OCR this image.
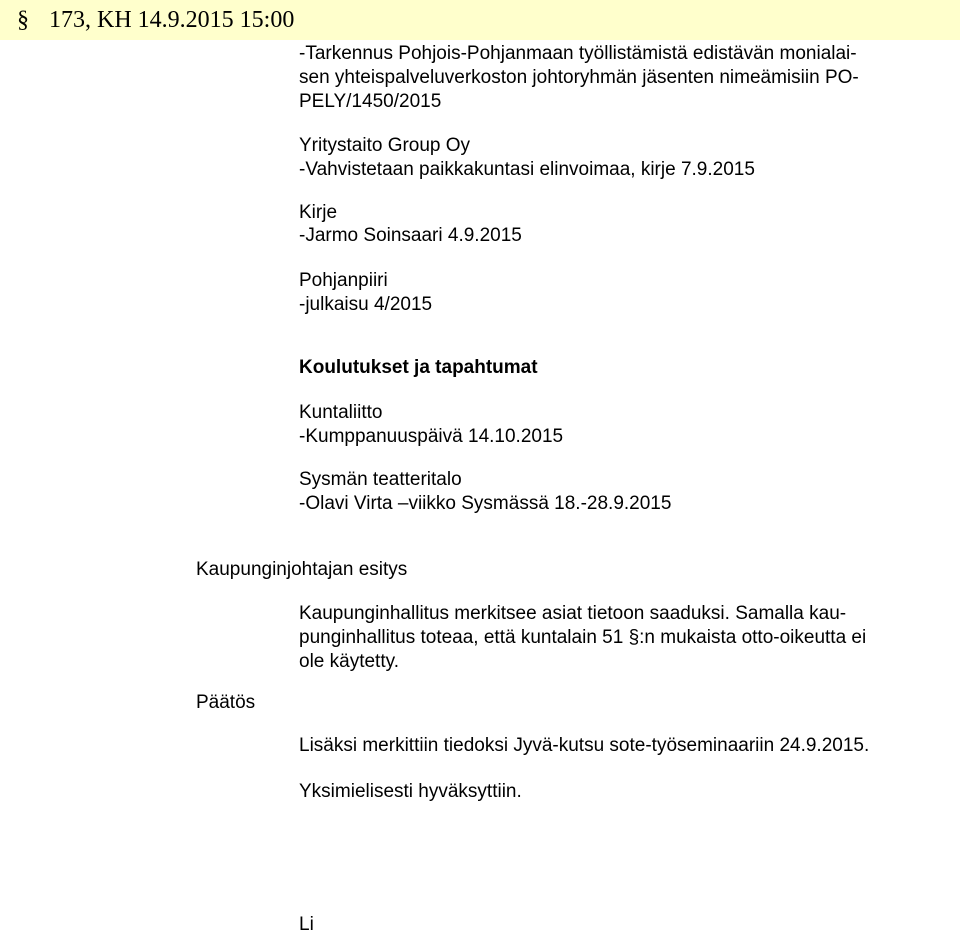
§ 173, KH 14.9.2015 15:00
-Tarkennus Pohjois-Pohjanmaan työllistämistä edistävän monialai-
sen yhteispalveluverkoston johtoryhmän jäsenten nimeämisiin PO-
PELY/1450/2015
Yritystaito Group Oy
-Vahvistetaan paikkakuntasi elinvoimaa, kirje 7.9.2015
Kirje
-Jarmo Soinsaari 4.9.2015
Pohjanpiiri
-julkaisu 4/2015
Koulutukset ja tapahtumat
Kuntaliitto
-Kumppanuuspäivä 14.10.2015
Sysmän teatteritalo
-Olavi Virta –viikko Sysmässä 18.-28.9.2015
Kaupunginjohtajan esitys
Kaupunginhallitus merkitsee asiat tietoon saaduksi. Samalla kau-
punginhallitus toteaa, että kuntalain 51 §:n mukaista otto-oikeutta ei
ole käytetty.
Päätös
Lisäksi merkittiin tiedoksi Jyvä-kutsu sote-työseminaariin 24.9.2015.
Yksimielisesti hyväksyttiin.
Li
